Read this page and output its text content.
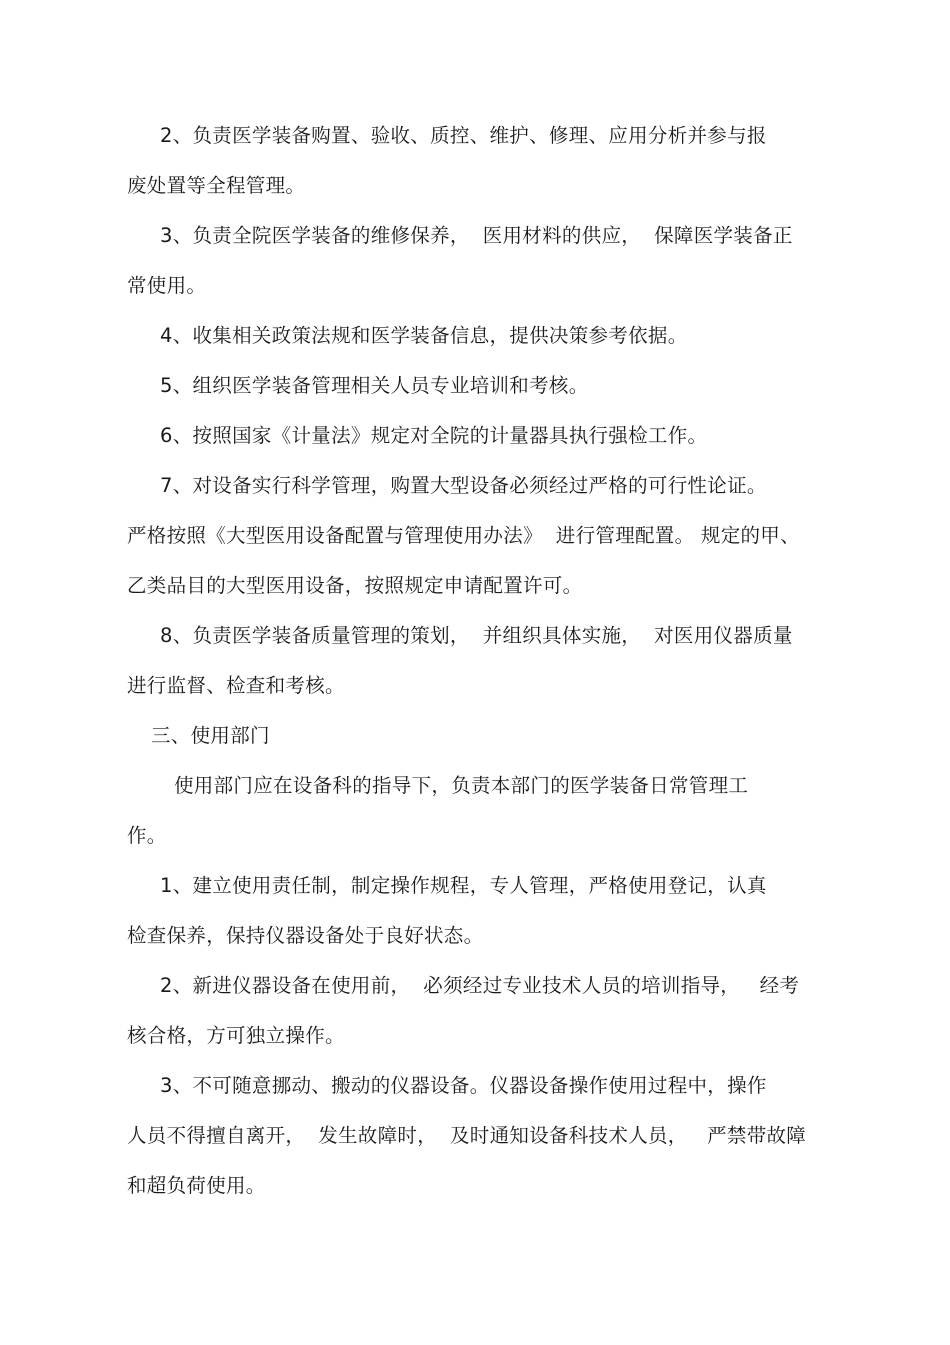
2、负责医学装备购置、验收、质控、维护、修理、应用分析并参与报
废处置等全程管理。
3、负责全院医学装备的维修保养，  医用材料的供应，  保障医学装备正
常使用。
4、收集相关政策法规和医学装备信息，提供决策参考依据。
5、组织医学装备管理相关人员专业培训和考核。
6、按照国家《计量法》规定对全院的计量器具执行强检工作。
7、对设备实行科学管理，购置大型设备必须经过严格的可行性论证。
严格按照《大型医用设备配置与管理使用办法》  进行管理配置。 规定的甲、
乙类品目的大型医用设备，按照规定申请配置许可。
8、负责医学装备质量管理的策划，  并组织具体实施，  对医用仪器质量
进行监督、检查和考核。
三、使用部门
使用部门应在设备科的指导下，负责本部门的医学装备日常管理工
作。
1、建立使用责任制，制定操作规程，专人管理，严格使用登记，认真
检查保养，保持仪器设备处于良好状态。
2、新进仪器设备在使用前，  必须经过专业技术人员的培训指导，   经考
核合格，方可独立操作。
3、不可随意挪动、搬动的仪器设备。仪器设备操作使用过程中，操作
人员不得擅自离开，  发生故障时，  及时通知设备科技术人员，   严禁带故障
和超负荷使用。
